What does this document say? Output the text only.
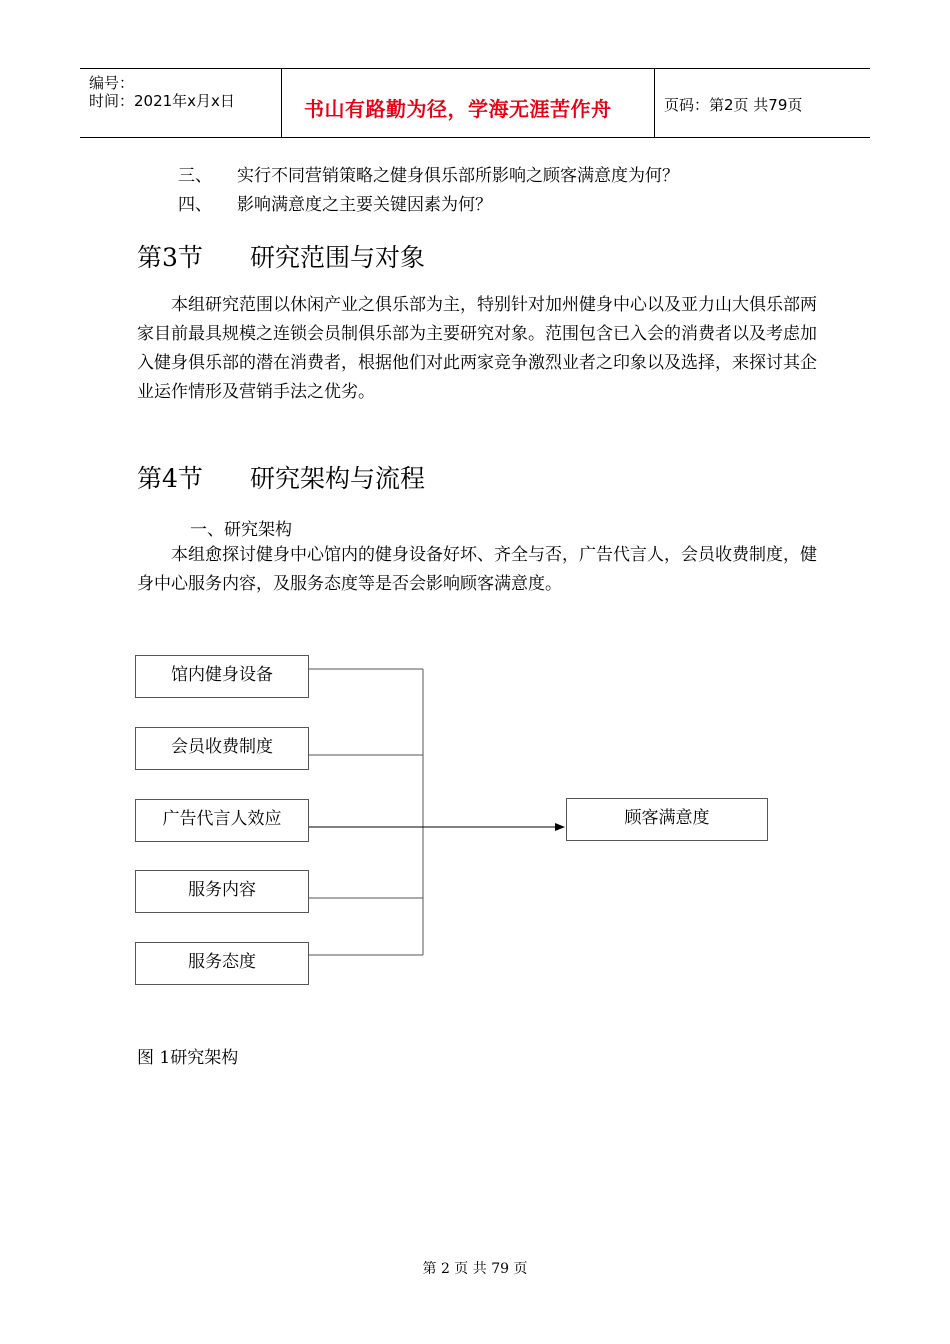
编号：
时间：2021年x月x日	书山有路勤为径，学海无涯苦作舟	页码：第2页 共79页
三、 实行不同营销策略之健身俱乐部所影响之顾客满意度为何？
四、 影响满意度之主要关键因素为何？
第3节 研究范围与对象
本组研究范围以休闲产业之俱乐部为主，特别针对加州健身中心以及亚力山大俱乐部两家目前最具规模之连锁会员制俱乐部为主要研究对象。范围包含已入会的消费者以及考虑加入健身俱乐部的潜在消费者，根据他们对此两家竞争激烈业者之印象以及选择，来探讨其企业运作情形及营销手法之优劣。
第4节 研究架构与流程
一、研究架构
本组愈探讨健身中心馆内的健身设备好坏、齐全与否，广告代言人，会员收费制度，健身中心服务内容，及服务态度等是否会影响顾客满意度。
馆内健身设备
会员收费制度
广告代言人效应
服务内容
服务态度
顾客满意度
图 1研究架构
第 2 页 共 79 页
